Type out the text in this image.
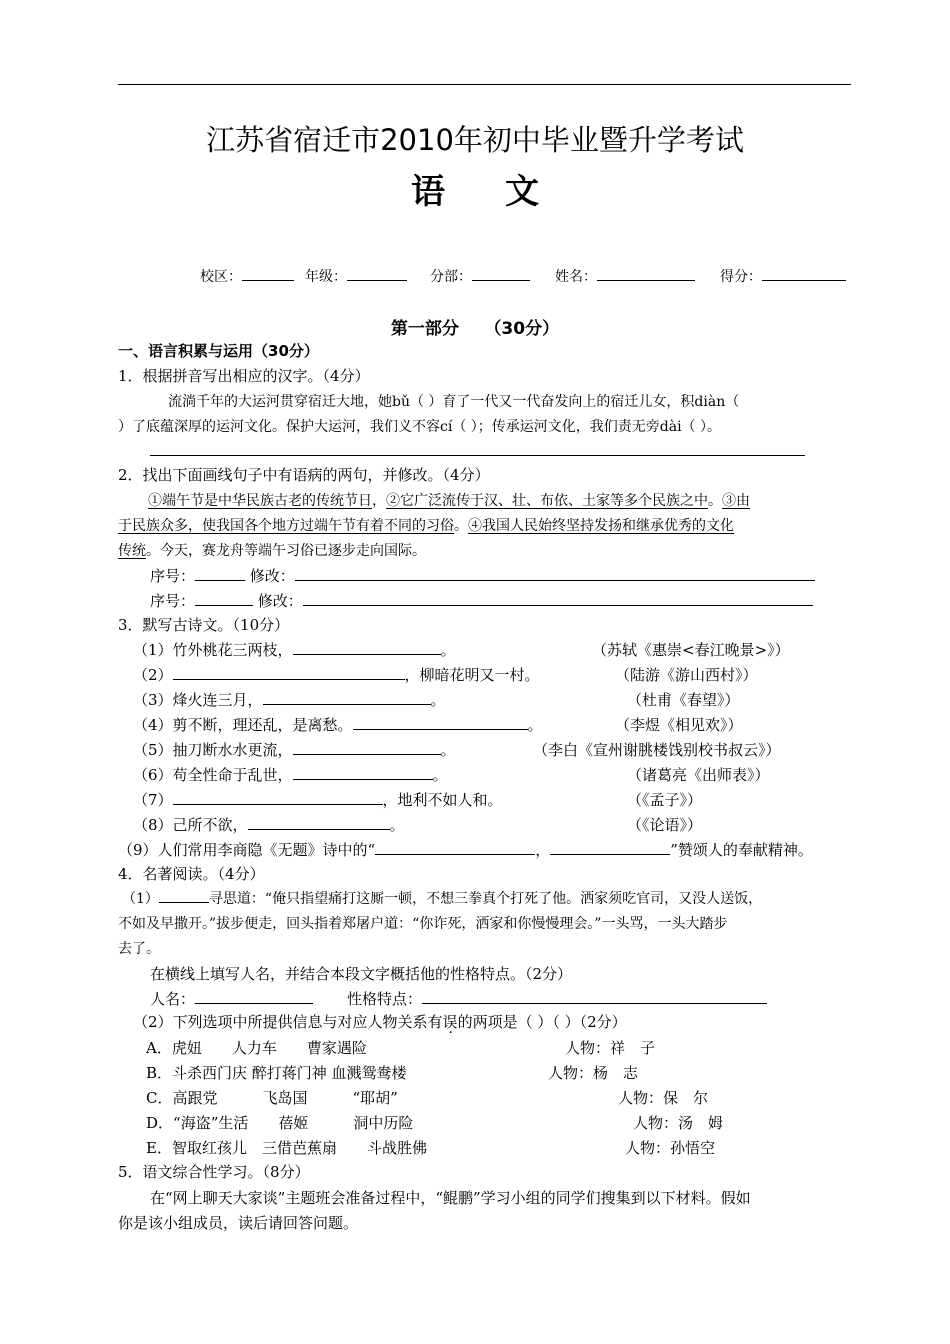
江苏省宿迁市2010年初中毕业暨升学考试
语文
校区：	年级：	分部：	姓名：	得分：
第一部分　　（30分）
一、语言积累与运用（30分）
1．根据拼音写出相应的汉字。（4分）
流淌千年的大运河贯穿宿迁大地，她bǔ（ ）育了一代又一代奋发向上的宿迁儿女，积diàn（
）了底蕴深厚的运河文化。保护大运河，我们义不容cí（ ）；传承运河文化，我们责无旁dài（ ）。
2．找出下面画线句子中有语病的两句，并修改。（4分）
①端午节是中华民族古老的传统节日，②它广泛流传于汉、壮、布依、土家等多个民族之中。③由
于民族众多，使我国各个地方过端午节有着不同的习俗。④我国人民始终坚持发扬和继承优秀的文化
传统。今天，赛龙舟等端午习俗已逐步走向国际。
序号：	修改：
序号：	修改：
3．默写古诗文。（10分）
（1）竹外桃花三两枝，	。	（苏轼《惠崇<春江晚景>》）
（2）	，柳暗花明又一村。	（陆游《游山西村》）
（3）烽火连三月，	。	（杜甫《春望》）
（4）剪不断，理还乱，是离愁。	。	（李煜《相见欢》）
（5）抽刀断水水更流，	。	（李白《宣州谢朓楼饯别校书叔云》）
（6）苟全性命于乱世，	。	（诸葛亮《出师表》）
（7）	，地利不如人和。	（《孟子》）
（8）己所不欲，	。	（《论语》）
（9）人们常用李商隐《无题》诗中的“	，	”赞颂人的奉献精神。
4．名著阅读。（4分）
（1）	寻思道：“俺只指望痛打这厮一顿，不想三拳真个打死了他。洒家须吃官司，又没人送饭，
不如及早撒开。”拔步便走，回头指着郑屠户道：“你诈死，洒家和你慢慢理会。”一头骂，一头大踏步
去了。
在横线上填写人名，并结合本段文字概括他的性格特点。（2分）
人名：	性格特点：
（2）下列选项中所提供信息与对应人物关系有误的两项是（ ）（ ）（2分）
A．虎妞　　人力车　　曹家遇险	人物：祥　子
B．斗杀西门庆 醉打蒋门神 血溅鸳鸯楼	人物：杨　志
C．高跟党　　　飞岛国　　　“耶胡”	人物：保　尔
D．“海盗”生活　　蓓姬　　　洞中历险	人物：汤　姆
E．智取红孩儿　三借芭蕉扇　　斗战胜佛	人物：孙悟空
5．语文综合性学习。（8分）
在“网上聊天大家谈”主题班会准备过程中，“鲲鹏”学习小组的同学们搜集到以下材料。假如
你是该小组成员，读后请回答问题。
